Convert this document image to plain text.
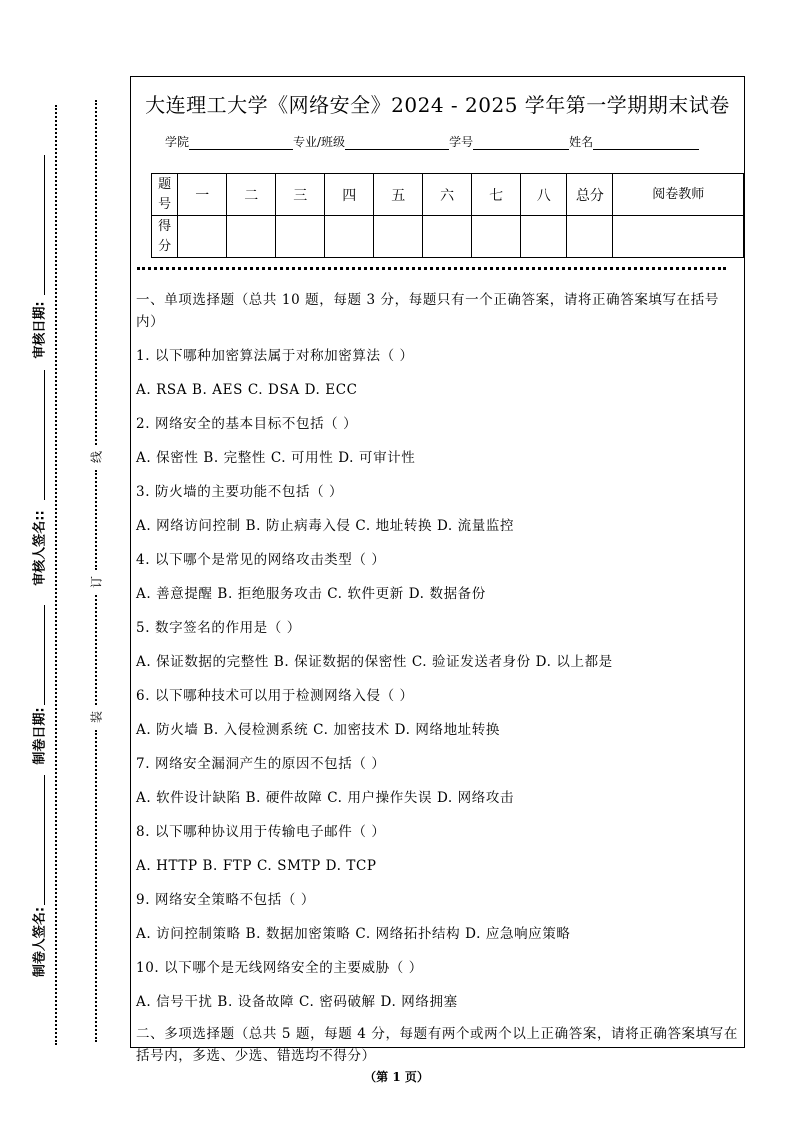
审核日期:
审核人签名::
制卷日期:
制卷人签名:
线
订
装
大连理工大学《网络安全》2024 - 2025 学年第一学期期末试卷
学院	专业/班级	学号	姓名
题号	一	二	三	四	五	六	七	八	总分	阅卷教师
得分										

一、单项选择题（总共 10 题，每题 3 分，每题只有一个正确答案，请将正确答案填写在括号内）

1. 以下哪种加密算法属于对称加密算法（ ）

A. RSA B. AES C. DSA D. ECC

2. 网络安全的基本目标不包括（ ）

A. 保密性 B. 完整性 C. 可用性 D. 可审计性

3. 防火墙的主要功能不包括（ ）

A. 网络访问控制 B. 防止病毒入侵 C. 地址转换 D. 流量监控

4. 以下哪个是常见的网络攻击类型（ ）

A. 善意提醒 B. 拒绝服务攻击 C. 软件更新 D. 数据备份

5. 数字签名的作用是（ ）

A. 保证数据的完整性 B. 保证数据的保密性 C. 验证发送者身份 D. 以上都是

6. 以下哪种技术可以用于检测网络入侵（ ）

A. 防火墙 B. 入侵检测系统 C. 加密技术 D. 网络地址转换

7. 网络安全漏洞产生的原因不包括（ ）

A. 软件设计缺陷 B. 硬件故障 C. 用户操作失误 D. 网络攻击

8. 以下哪种协议用于传输电子邮件（ ）

A. HTTP B. FTP C. SMTP D. TCP

9. 网络安全策略不包括（ ）

A. 访问控制策略 B. 数据加密策略 C. 网络拓扑结构 D. 应急响应策略

10. 以下哪个是无线网络安全的主要威胁（ ）

A. 信号干扰 B. 设备故障 C. 密码破解 D. 网络拥塞

二、多项选择题（总共 5 题，每题 4 分，每题有两个或两个以上正确答案，请将正确答案填写在括号内，多选、少选、错选均不得分）

（第 1 页）
